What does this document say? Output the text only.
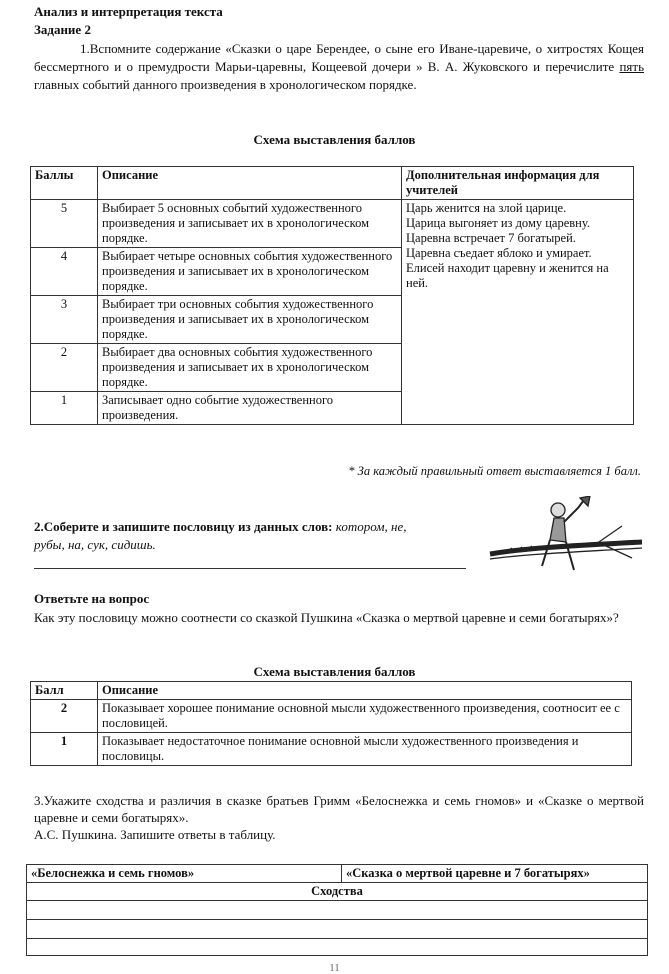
Анализ и интерпретация текста
Задание 2
1.Вспомните содержание «Сказки о царе Берендее, о сыне его Иване-царевиче, о хитростях Кощея бессмертного и о премудрости Марьи-царевны, Кощеевой дочери » В. А. Жуковского и перечислите пять главных событий данного произведения в хронологическом порядке.
Схема выставления баллов
Баллы	Описание	Дополнительная информация для учителей
5	Выбирает 5 основных событий художественного произведения и записывает их в хронологическом порядке.	Царь женится на злой царице.
Царица выгоняет из дому царевну.
Царевна встречает 7 богатырей.
Царевна съедает яблоко и умирает.
Елисей находит царевну и женится на ней.

4	Выбирает четыре основных события художественного произведения и записывает их в хронологическом порядке.	
3	Выбирает три основных события художественного произведения и записывает их в хронологическом порядке.	
2	Выбирает два основных события художественного произведения и записывает их в хронологическом порядке.	
1	Записывает одно событие художественного произведения.	
* За каждый правильный ответ выставляется 1 балл.
2.Соберите и запишите пословицу из данных слов: котором, не,
рубы, на, сук, сидишь.
Ответьте на вопрос
Как эту пословицу можно соотнести со сказкой Пушкина «Сказка о мертвой царевне и семи богатырях»?
Схема выставления баллов
Балл	Описание
2	Показывает хорошее понимание основной мысли художественного произведения, соотносит ее с пословицей.
1	Показывает недостаточное понимание основной мысли художественного произведения и пословицы.
3.Укажите сходства и различия в сказке братьев Гримм «Белоснежка и семь гномов» и «Сказке о мертвой царевне и семи богатырях».
А.С. Пушкина. Запишите ответы в таблицу.
«Белоснежка и семь гномов»	«Сказка о мертвой царевне и 7 богатырях»
Сходства

11
